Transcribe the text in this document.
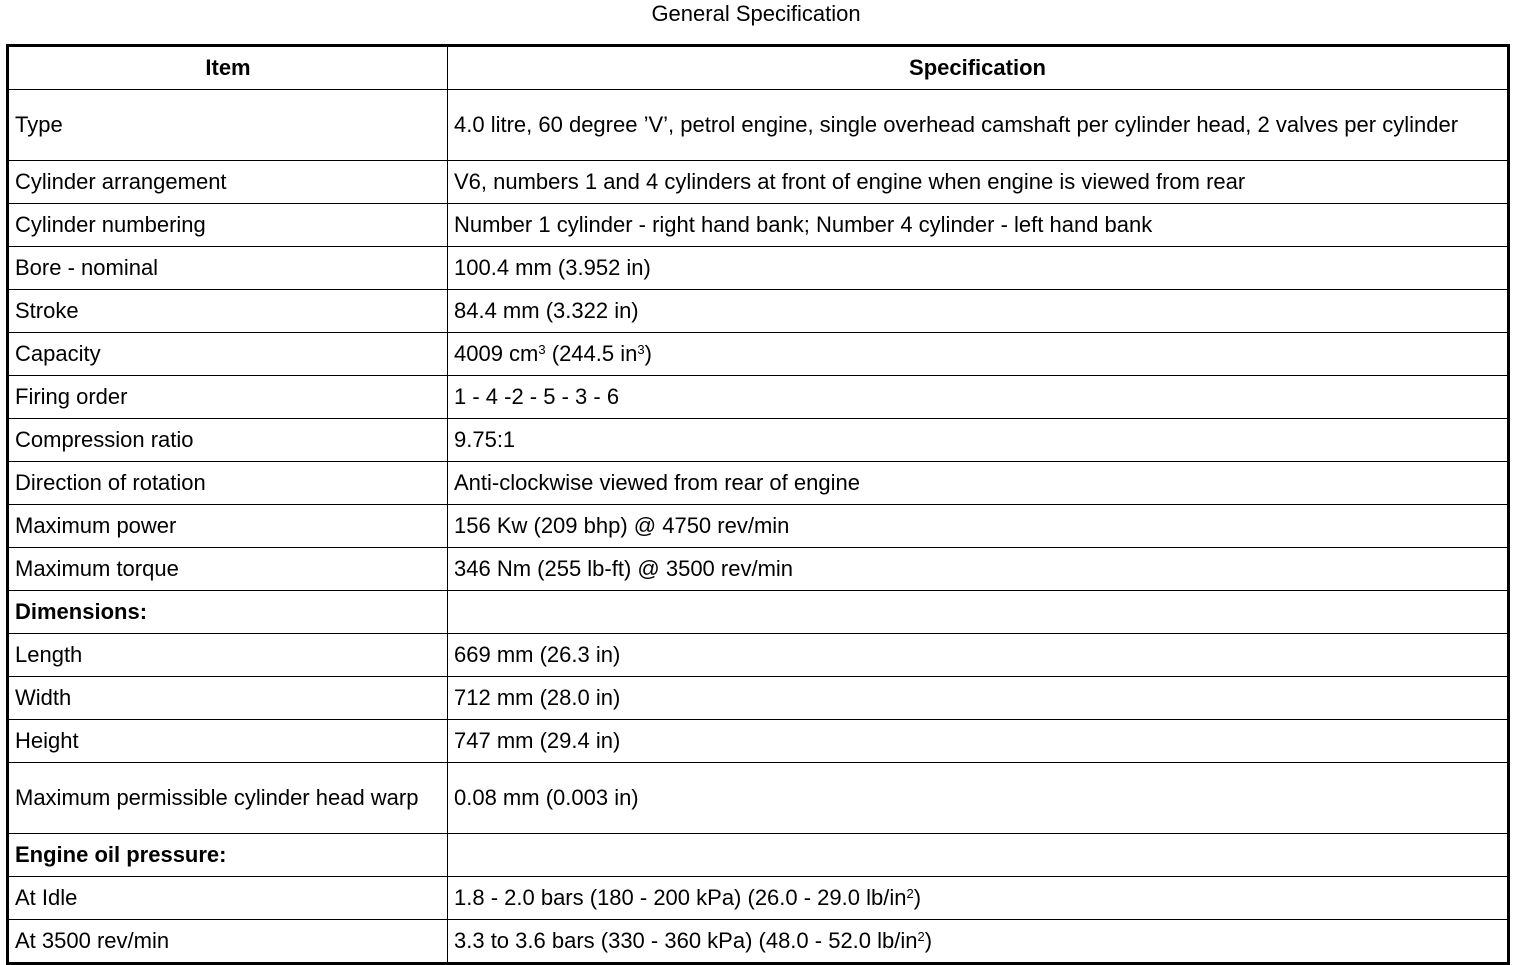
General Specification
Item	Specification
Type	4.0 litre, 60 degree ’V’, petrol engine, single overhead camshaft per cylinder head, 2 valves per cylinder
Cylinder arrangement	V6, numbers 1 and 4 cylinders at front of engine when engine is viewed from rear
Cylinder numbering	Number 1 cylinder - right hand bank; Number 4 cylinder - left hand bank
Bore - nominal	100.4 mm (3.952 in)
Stroke	84.4 mm (3.322 in)
Capacity	4009 $cm^3$ (244.5 $in^3$)
Firing order	1 - 4 -2 - 5 - 3 - 6
Compression ratio	9.75:1
Direction of rotation	Anti-clockwise viewed from rear of engine
Maximum power	156 Kw (209 bhp) @ 4750 rev/min
Maximum torque	346 Nm (255 lb-ft) @ 3500 rev/min
Dimensions:	
Length	669 mm (26.3 in)
Width	712 mm (28.0 in)
Height	747 mm (29.4 in)
Maximum permissible cylinder head warp	0.08 mm (0.003 in)
Engine oil pressure:	
At Idle	1.8 - 2.0 bars (180 - 200 kPa) (26.0 - 29.0 $lb/in^2$)
At 3500 rev/min	3.3 to 3.6 bars (330 - 360 kPa) (48.0 - 52.0 $lb/in^2$)
